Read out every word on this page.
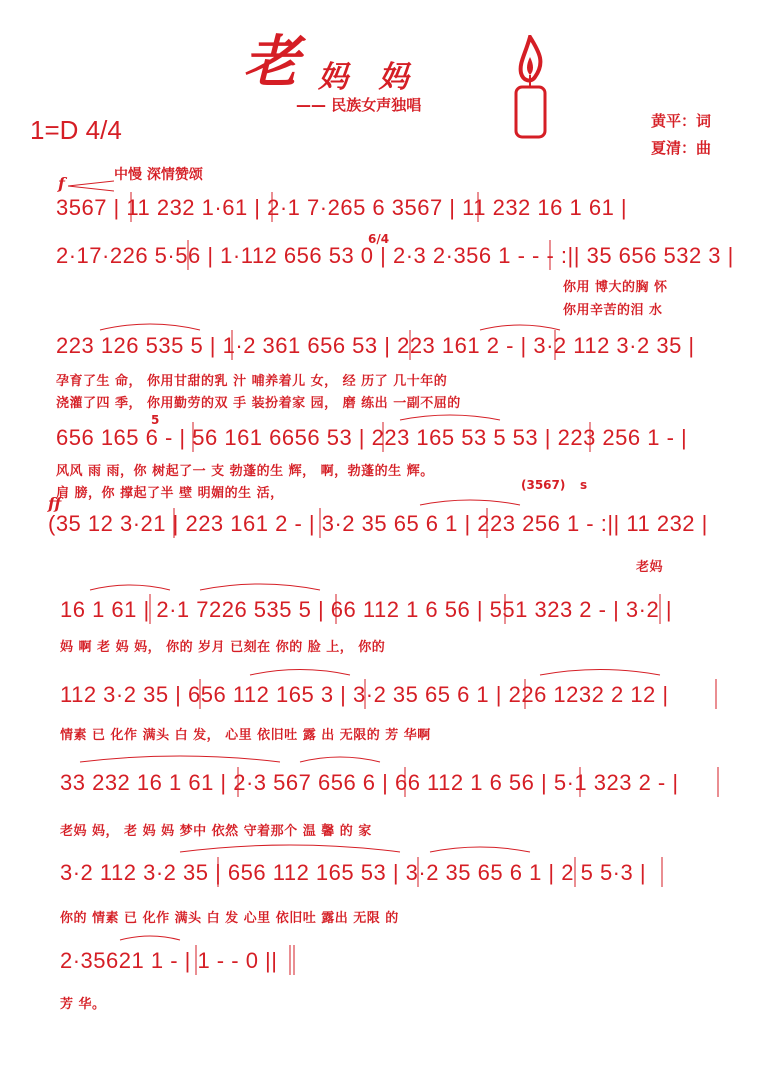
老 妈 妈
—— 民族女声独唱
黄平：词
夏清：曲
1=D 4/4
中慢 深情赞颂
f
ff
6/4
5
s
3567 | 11 232 1·61 | 2·1 7·265 6 3567 | 11 232 16 1 61 |
2·17·226 5·56 | 1·112 656 53 0 | 2·3 2·356 1 - - - :|| 35 656 532 3 |
你用 博大的胸 怀
你用辛苦的泪 水
223 126 535 5 | 1·2 361 656 53 | 223 161 2 - | 3·2 112 3·2 35 |
孕育了生 命， 你用甘甜的乳 汁 哺养着儿 女， 经 历了 几十年的
浇灌了四 季， 你用勤劳的双 手 装扮着家 园， 磨 练出 一副不屈的
656 165 6 - | 56 161 6656 53 | 223 165 53 5 53 | 223 256 1 - |
风风 雨 雨，你 树起了一 支 勃蓬的生 辉， 啊，勃蓬的生 辉。
肩 膀，你 撑起了半 壁 明媚的生 活，
(3567)
(35 12 3·21 | 223 161 2 - | 3·2 35 65 6 1 | 223 256 1 - :|| 11 232 |
老妈
16 1 61 | 2·1 7226 535 5 | 66 112 1 6 56 | 551 323 2 - | 3·2 |
妈 啊 老 妈 妈， 你的 岁月 已刻在 你的 脸 上， 你的
112 3·2 35 | 656 112 165 3 | 3·2 35 65 6 1 | 226 1232 2 12 |
情素 已 化作 满头 白 发， 心里 依旧吐 露 出 无限的 芳 华啊
33 232 16 1 61 | 2·3 567 656 6 | 66 112 1 6 56 | 5·1 323 2 - |
老妈 妈， 老 妈 妈 梦中 依然 守着那个 温 馨 的 家
3·2 112 3·2 35 | 656 112 165 53 | 3·2 35 65 6 1 | 2 5 5·3 |
你的 情素 已 化作 满头 白 发 心里 依旧吐 露出 无限 的
2·35621 1 - | 1 - - 0 ||
芳 华。
